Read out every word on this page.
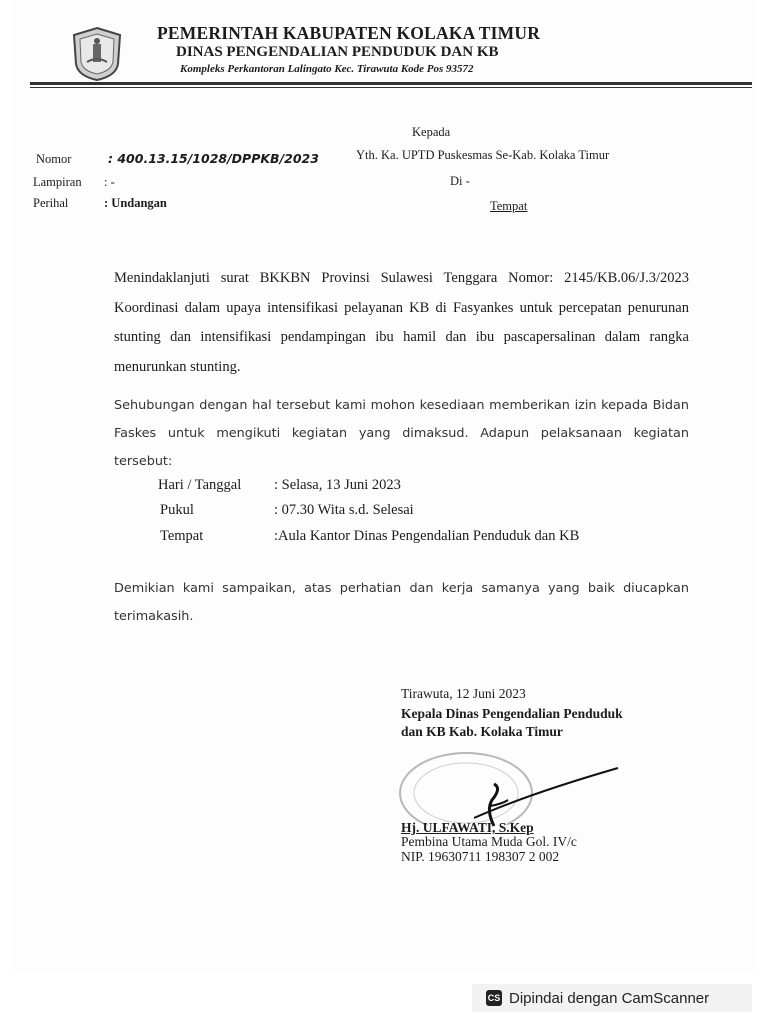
PEMERINTAH KABUPATEN KOLAKA TIMUR
DINAS PENGENDALIAN PENDUDUK DAN KB
Kompleks Perkantoran Lalingato Kec. Tirawuta Kode Pos 93572
Kepada
Yth. Ka. UPTD Puskesmas Se-Kab. Kolaka Timur
Di -
Tempat
Nomor	: 400.13.15/1028/DPPKB/2023
Lampiran : -
Perihal	: Undangan
Menindaklanjuti surat BKKBN Provinsi Sulawesi Tenggara Nomor: 2145/KB.06/J.3/2023 Koordinasi dalam upaya intensifikasi pelayanan KB di Fasyankes untuk percepatan penurunan stunting dan intensifikasi pendampingan ibu hamil dan ibu pascapersalinan dalam rangka menurunkan stunting.
Sehubungan dengan hal tersebut kami mohon kesediaan memberikan izin kepada Bidan Faskes untuk mengikuti kegiatan yang dimaksud. Adapun pelaksanaan kegiatan tersebut:
Hari / Tanggal : Selasa, 13 Juni 2023
Pukul	: 07.30 Wita s.d. Selesai
Tempat	:Aula Kantor Dinas Pengendalian Penduduk dan KB
Demikian kami sampaikan, atas perhatian dan kerja samanya yang baik diucapkan terimakasih.
Tirawuta, 12 Juni 2023
Kepala Dinas Pengendalian Penduduk
dan KB Kab. Kolaka Timur
Hj. ULFAWATI, S.Kep
Pembina Utama Muda Gol. IV/c
NIP. 19630711 198307 2 002
CS Dipindai dengan CamScanner
